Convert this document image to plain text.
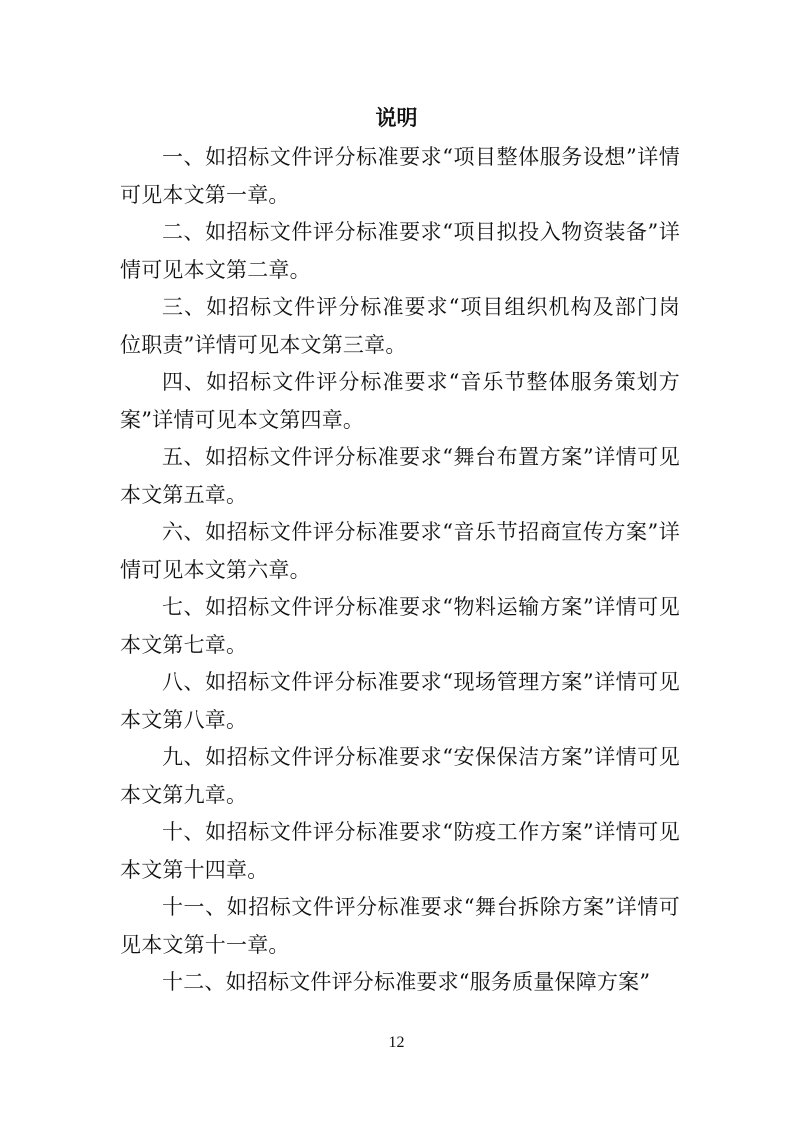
说明

一、如招标文件评分标准要求“项目整体服务设想”详情可见本文第一章。

二、如招标文件评分标准要求“项目拟投入物资装备”详情可见本文第二章。

三、如招标文件评分标准要求“项目组织机构及部门岗位职责”详情可见本文第三章。

四、如招标文件评分标准要求“音乐节整体服务策划方案”详情可见本文第四章。

五、如招标文件评分标准要求“舞台布置方案”详情可见本文第五章。

六、如招标文件评分标准要求“音乐节招商宣传方案”详情可见本文第六章。

七、如招标文件评分标准要求“物料运输方案”详情可见本文第七章。

八、如招标文件评分标准要求“现场管理方案”详情可见本文第八章。

九、如招标文件评分标准要求“安保保洁方案”详情可见本文第九章。

十、如招标文件评分标准要求“防疫工作方案”详情可见本文第十四章。

十一、如招标文件评分标准要求“舞台拆除方案”详情可见本文第十一章。

十二、如招标文件评分标准要求“服务质量保障方案”

12
